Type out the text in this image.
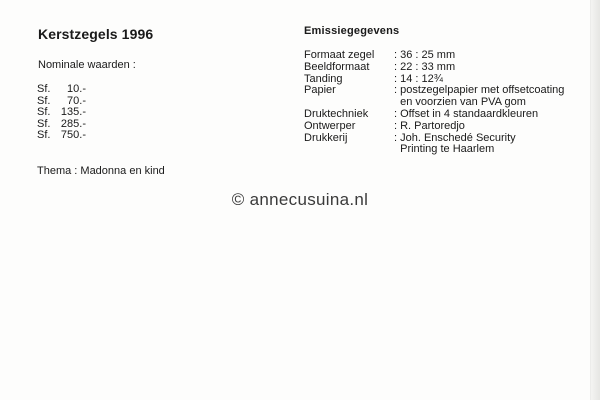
Kerstzegels 1996
Nominale waarden :
Sf.	10.-
Sf.	70.-
Sf. 135.-
Sf. 285.-
Sf. 750.-
Thema : Madonna en kind
Emissiegegevens
Formaat zegel	: 36 : 25 mm
Beeldformaat	: 22 : 33 mm
Tanding	: 14 : 12¾
Papier	: postzegelpapier met offsetcoating
en voorzien van PVA gom
Druktechniek	: Offset in 4 standaardkleuren
Ontwerper	: R. Partoredjo
Drukkerij	: Joh. Enschedé Security
Printing te Haarlem
© annecusuina.nl
